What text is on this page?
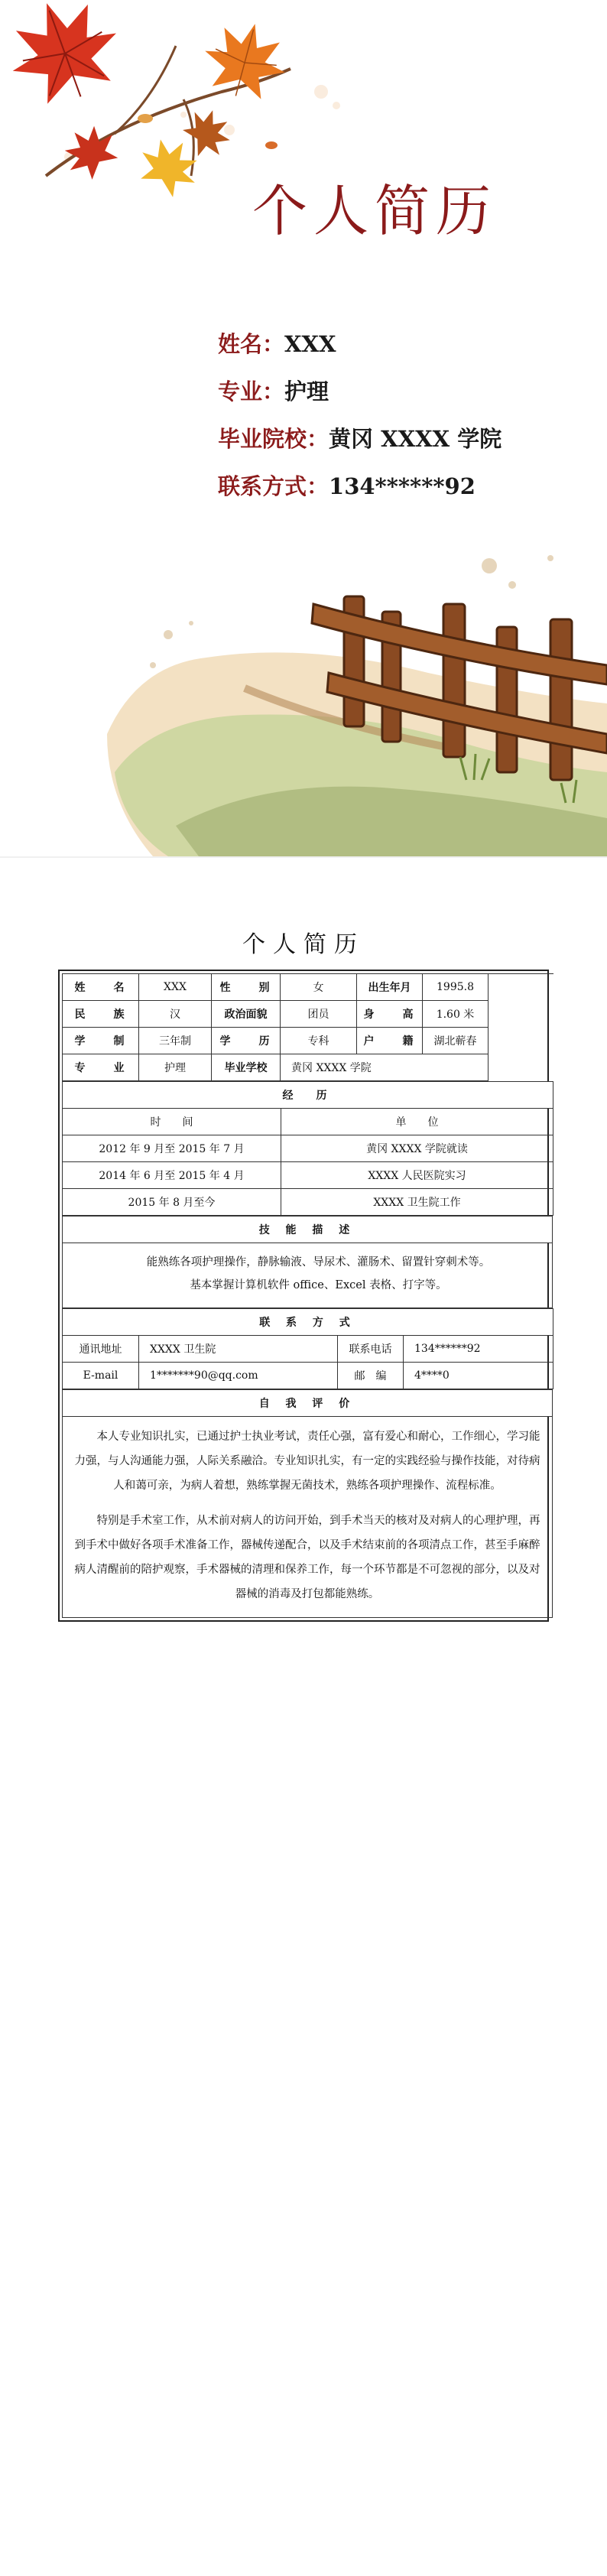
个人简历
姓名：XXX
专业：护理
毕业院校：黄冈 XXXX 学院
联系方式：134******92
个人简历
姓　　名	XXX	性　　别	女	出生年月	1995.8	
民　　族	汉	政治面貌	团员	身　　高	1.60 米	
学　　制	三年制	学　　历	专科	户　　籍	湖北蕲春	
专　　业	护理	毕业学校	黄冈 XXXX 学院			
经　历	
时　　间	单　　位
2012 年 9 月至 2015 年 7 月	黄冈 XXXX 学院就读
2014 年 6 月至 2015 年 4 月	XXXX 人民医院实习
2015 年 8 月至今	XXXX 卫生院工作
技 能 描 述

能熟练各项护理操作，静脉输液、导尿术、灌肠术、留置针穿刺术等。

基本掌握计算机软件 office、Excel 表格、打字等。

联 系 方 式			
通讯地址	XXXX 卫生院	联系电话	134******92
E-mail	1*******90@qq.com	邮　编	4****0
自 我 评 价

本人专业知识扎实，已通过护士执业考试，责任心强，富有爱心和耐心，工作细心，学习能力强，与人沟通能力强，人际关系融洽。专业知识扎实，有一定的实践经验与操作技能，对待病人和蔼可亲，为病人着想，熟练掌握无菌技术，熟练各项护理操作、流程标准。

特别是手术室工作，从术前对病人的访问开始，到手术当天的核对及对病人的心理护理，再到手术中做好各项手术准备工作，器械传递配合，以及手术结束前的各项清点工作，甚至手麻醉病人清醒前的陪护观察，手术器械的清理和保养工作，每一个环节都是不可忽视的部分，以及对器械的消毒及打包都能熟练。
